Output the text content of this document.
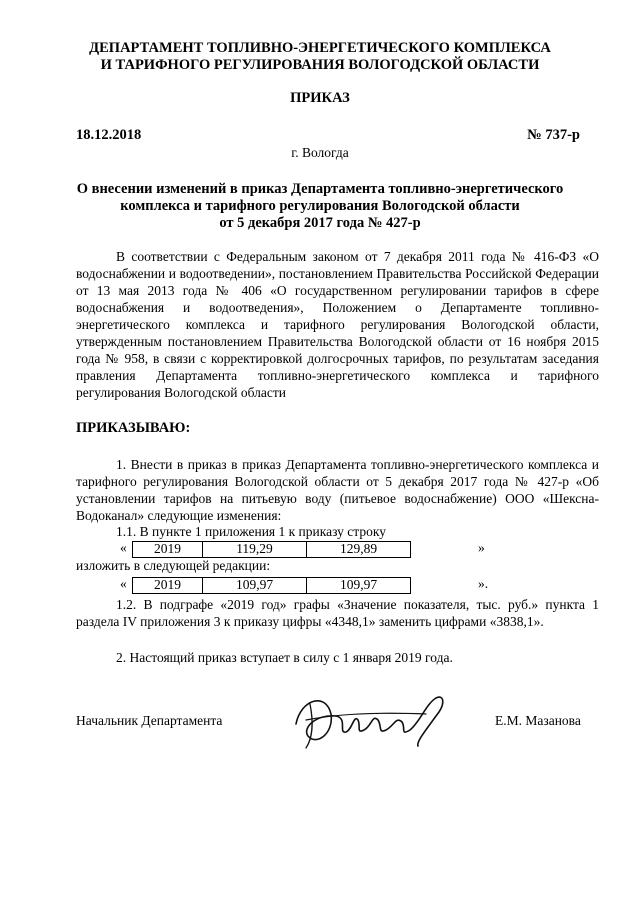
ДЕПАРТАМЕНТ ТОПЛИВНО-ЭНЕРГЕТИЧЕСКОГО КОМПЛЕКСА
И ТАРИФНОГО РЕГУЛИРОВАНИЯ ВОЛОГОДСКОЙ ОБЛАСТИ
ПРИКАЗ
18.12.2018	№ 737-р
г. Вологда
О внесении изменений в приказ Департамента топливно-энергетического
комплекса и тарифного регулирования Вологодской области
от 5 декабря 2017 года № 427-р
В соответствии с Федеральным законом от 7 декабря 2011 года № 416-ФЗ «О водоснабжении и водоотведении», постановлением Правительства Российской Федерации от 13 мая 2013 года № 406 «О государственном регулировании тарифов в сфере водоснабжения и водоотведения», Положением о Департаменте топливно-энергетического комплекса и тарифного регулирования Вологодской области, утвержденным постановлением Правительства Вологодской области от 16 ноября 2015 года № 958, в связи с корректировкой долгосрочных тарифов, по результатам заседания правления Департамента топливно-энергетического комплекса и тарифного регулирования Вологодской области
ПРИКАЗЫВАЮ:
1. Внести в приказ в приказ Департамента топливно-энергетического комплекса и тарифного регулирования Вологодской области от 5 декабря 2017 года № 427-р «Об установлении тарифов на питьевую воду (питьевое водоснабжение) ООО «Шексна-Водоканал» следующие изменения:
1.1. В пункте 1 приложения 1 к приказу строку
« 2019	119,29	129,89	»
изложить в следующей редакции:
« 2019	109,97	109,97	».
1.2. В подграфе «2019 год» графы «Значение показателя, тыс. руб.» пункта 1 раздела IV приложения 3 к приказу цифры «4348,1» заменить цифрами «3838,1».
2. Настоящий приказ вступает в силу с 1 января 2019 года.
Начальник Департамента	Е.М. Мазанова
